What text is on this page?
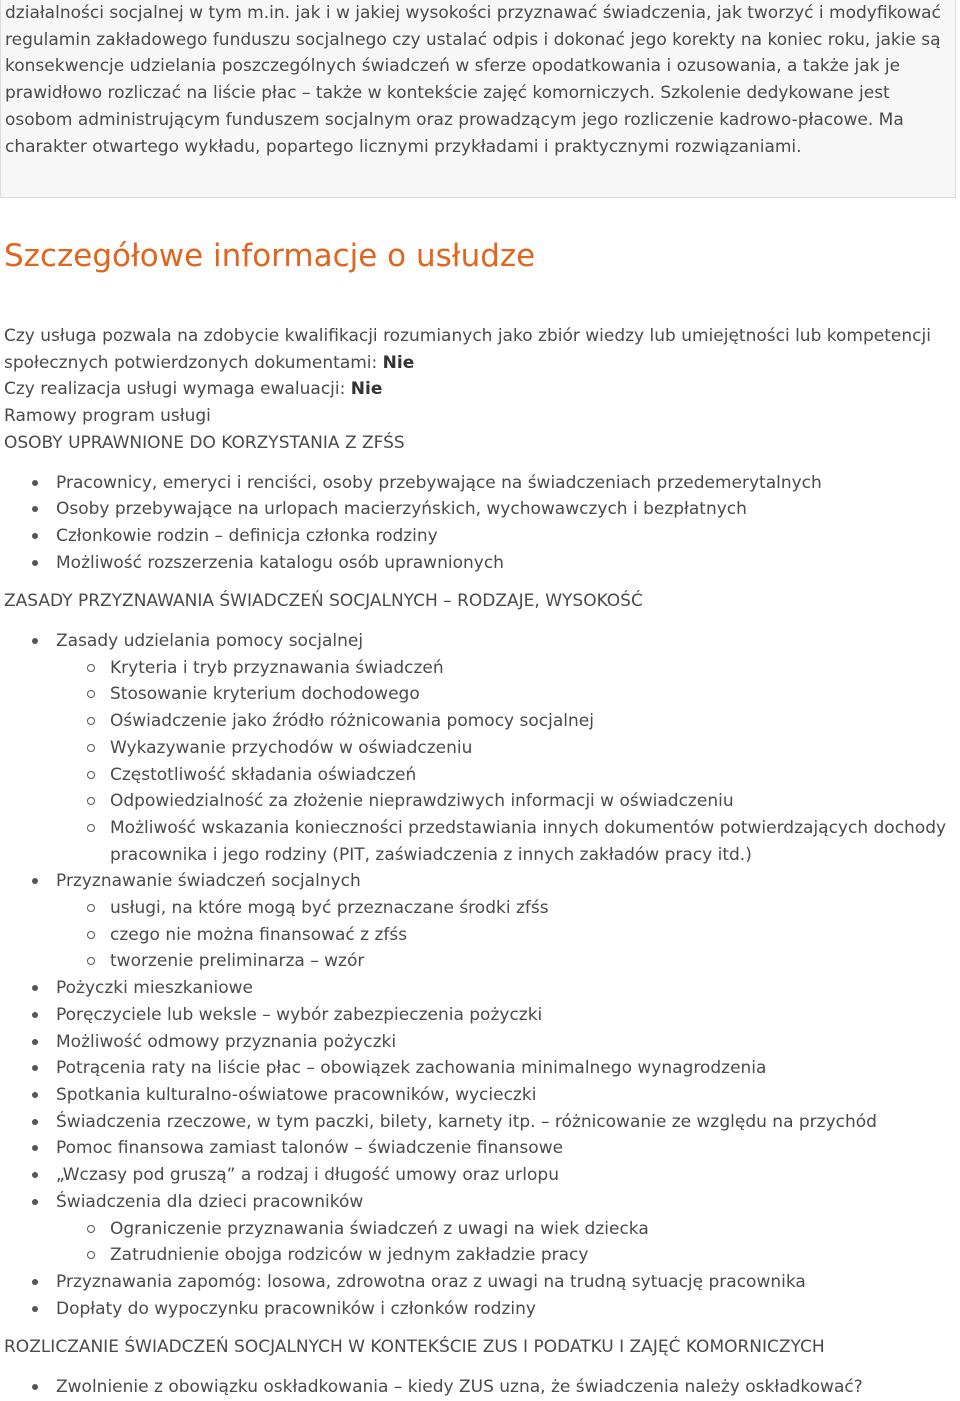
działalności socjalnej w tym m.in. jak i w jakiej wysokości przyznawać świadczenia, jak tworzyć i modyfikować regulamin zakładowego funduszu socjalnego czy ustalać odpis i dokonać jego korekty na koniec roku, jakie są konsekwencje udzielania poszczególnych świadczeń w sferze opodatkowania i ozusowania, a także jak je prawidłowo rozliczać na liście płac – także w kontekście zajęć komorniczych. Szkolenie dedykowane jest osobom administrującym funduszem socjalnym oraz prowadzącym jego rozliczenie kadrowo-płacowe. Ma charakter otwartego wykładu, popartego licznymi przykładami i praktycznymi rozwiązaniami.

Szczegółowe informacje o usłudze

Czy usługa pozwala na zdobycie kwalifikacji rozumianych jako zbiór wiedzy lub umiejętności lub kompetencji społecznych potwierdzonych dokumentami: Nie

Czy realizacja usługi wymaga ewaluacji: Nie

Ramowy program usługi

OSOBY UPRAWNIONE DO KORZYSTANIA Z ZFŚS

Pracownicy, emeryci i renciści, osoby przebywające na świadczeniach przedemerytalnych
Osoby przebywające na urlopach macierzyńskich, wychowawczych i bezpłatnych
Członkowie rodzin – definicja członka rodziny
Możliwość rozszerzenia katalogu osób uprawnionych

ZASADY PRZYZNAWANIA ŚWIADCZEŃ SOCJALNYCH – RODZAJE, WYSOKOŚĆ

Zasady udzielania pomocy socjalnej
Kryteria i tryb przyznawania świadczeń
Stosowanie kryterium dochodowego
Oświadczenie jako źródło różnicowania pomocy socjalnej
Wykazywanie przychodów w oświadczeniu
Częstotliwość składania oświadczeń
Odpowiedzialność za złożenie nieprawdziwych informacji w oświadczeniu
Możliwość wskazania konieczności przedstawiania innych dokumentów potwierdzających dochody pracownika i jego rodziny (PIT, zaświadczenia z innych zakładów pracy itd.)
Przyznawanie świadczeń socjalnych
usługi, na które mogą być przeznaczane środki zfśs
czego nie można finansować z zfśs
tworzenie preliminarza – wzór
Pożyczki mieszkaniowe
Poręczyciele lub weksle – wybór zabezpieczenia pożyczki
Możliwość odmowy przyznania pożyczki
Potrącenia raty na liście płac – obowiązek zachowania minimalnego wynagrodzenia
Spotkania kulturalno-oświatowe pracowników, wycieczki
Świadczenia rzeczowe, w tym paczki, bilety, karnety itp. – różnicowanie ze względu na przychód
Pomoc finansowa zamiast talonów – świadczenie finansowe
„Wczasy pod gruszą” a rodzaj i długość umowy oraz urlopu
Świadczenia dla dzieci pracowników
Ograniczenie przyznawania świadczeń z uwagi na wiek dziecka
Zatrudnienie obojga rodziców w jednym zakładzie pracy
Przyznawania zapomóg: losowa, zdrowotna oraz z uwagi na trudną sytuację pracownika
Dopłaty do wypoczynku pracowników i członków rodziny

ROZLICZANIE ŚWIADCZEŃ SOCJALNYCH W KONTEKŚCIE ZUS I PODATKU I ZAJĘĆ KOMORNICZYCH

Zwolnienie z obowiązku oskładkowania – kiedy ZUS uzna, że świadczenia należy oskładkować?
